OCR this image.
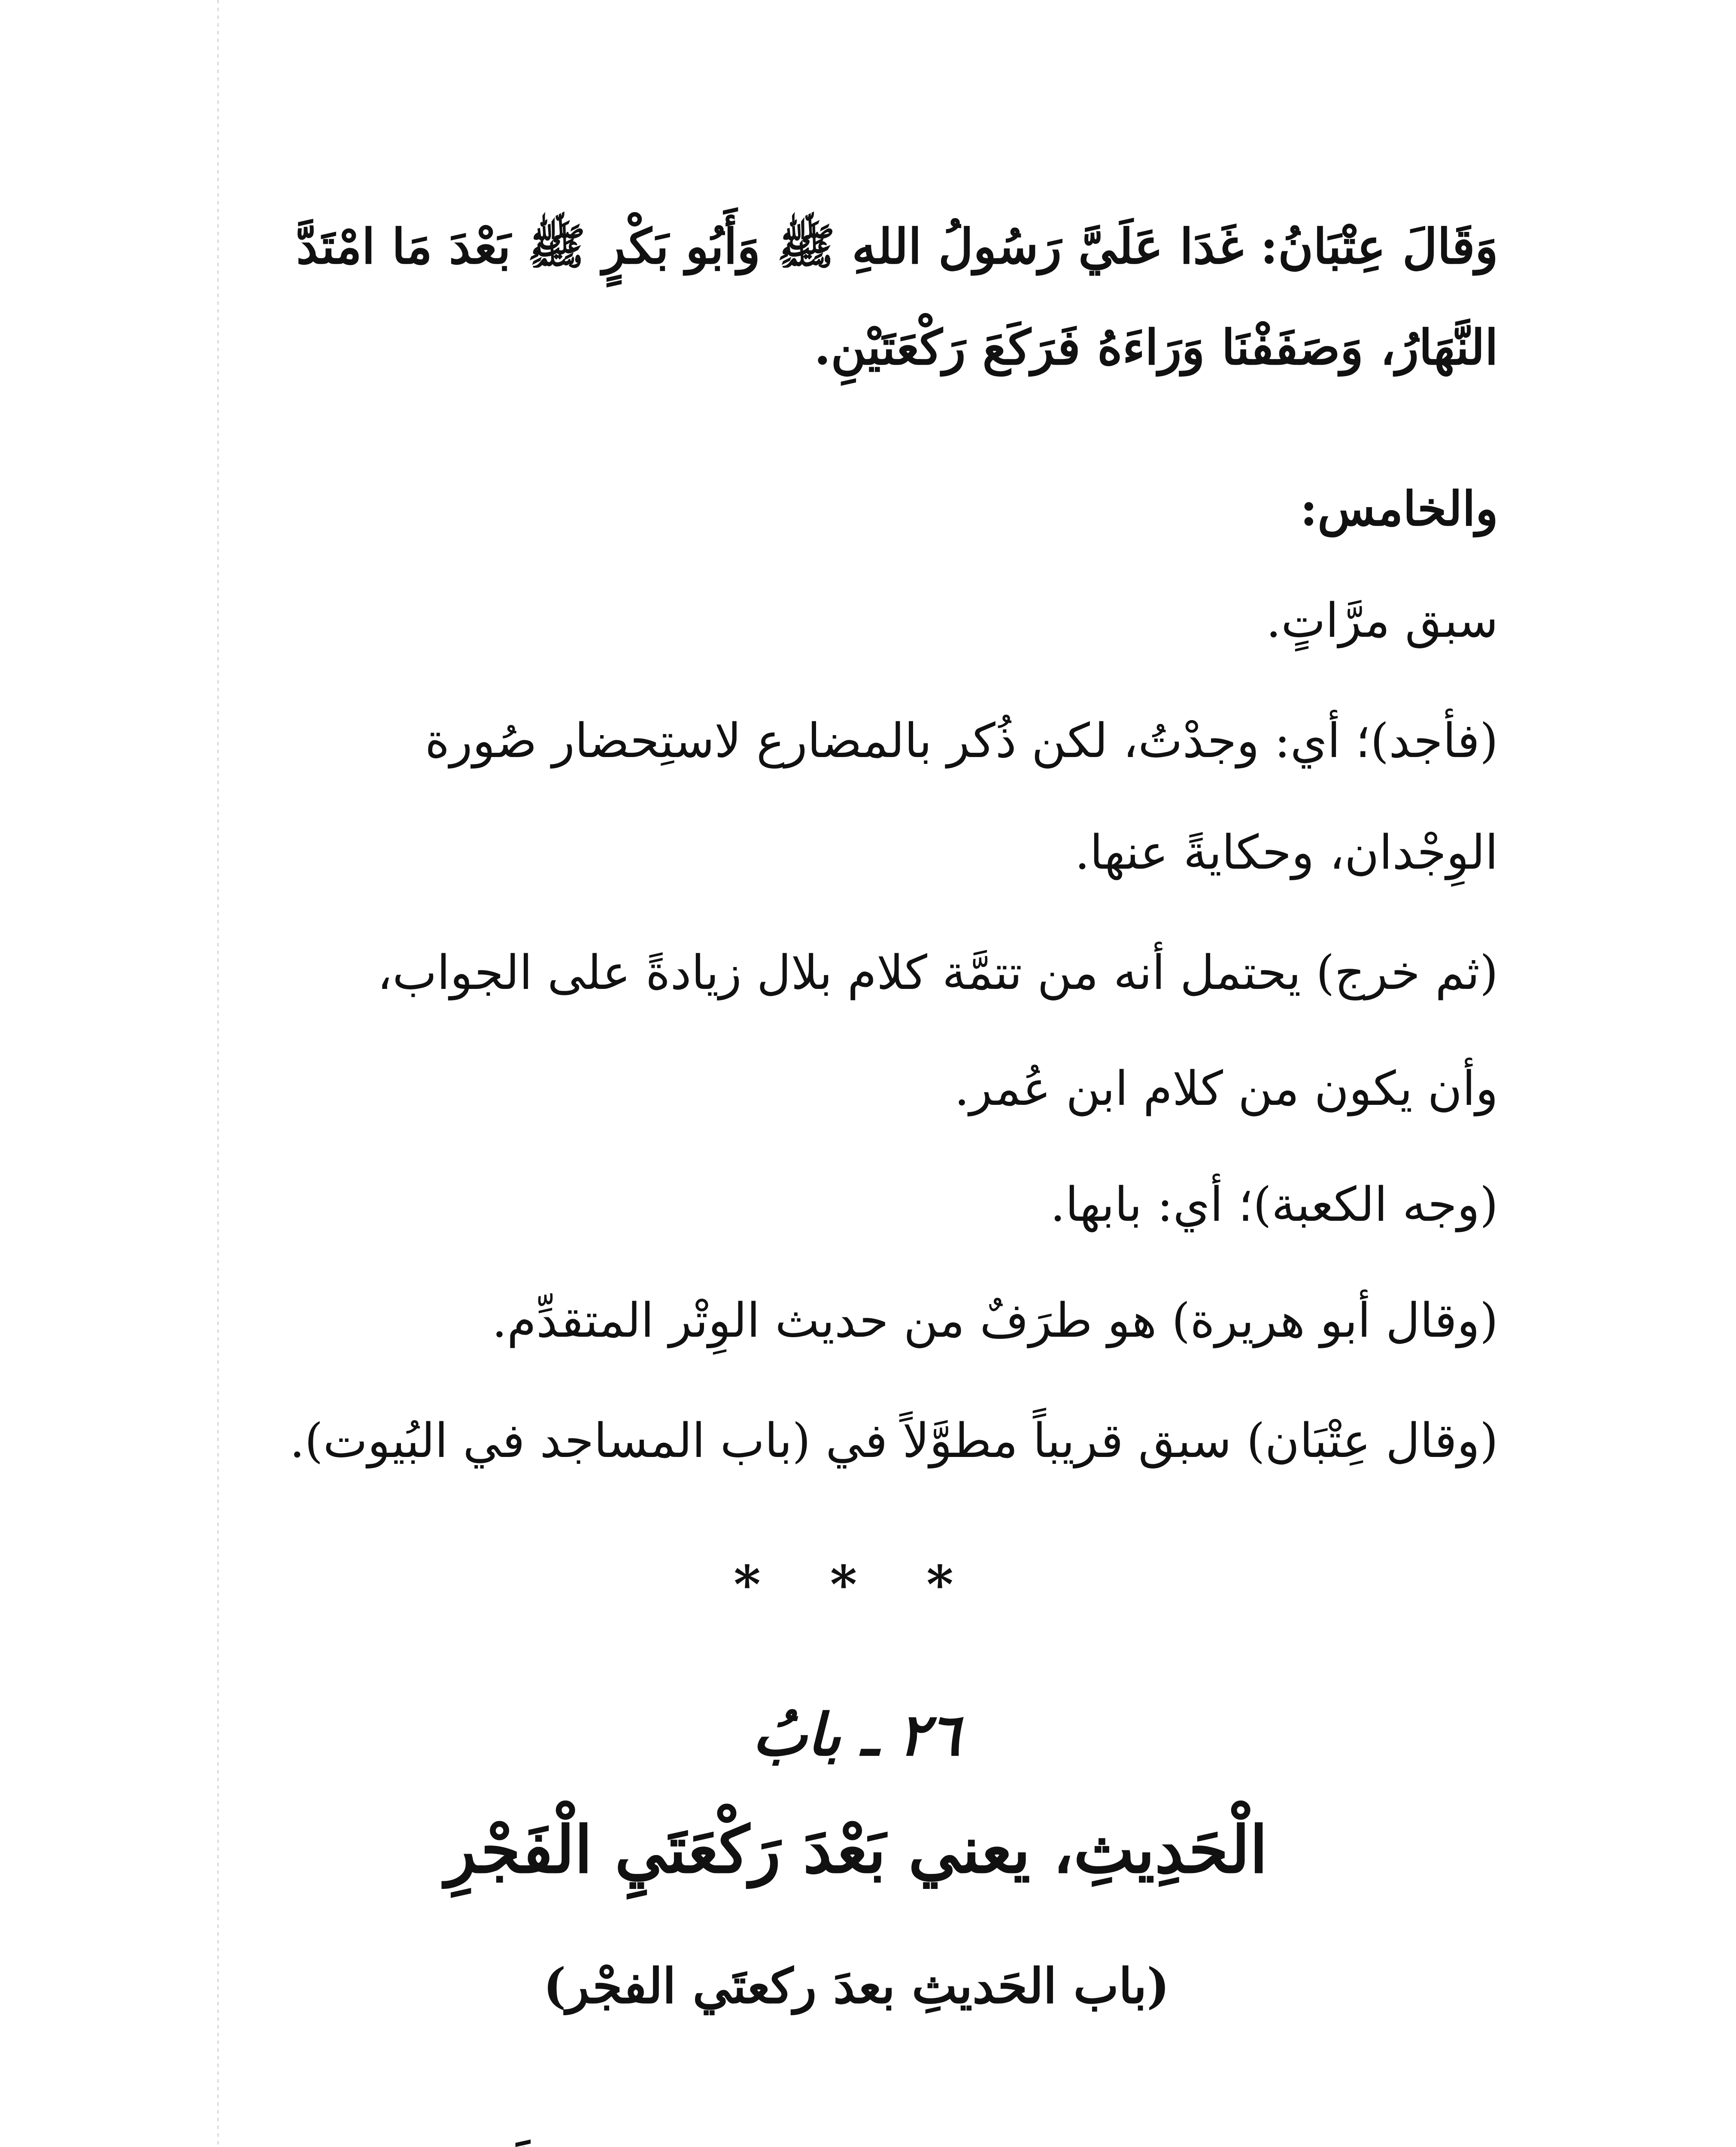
وَقَالَ عِتْبَانُ: غَدَا عَلَيَّ رَسُولُ اللهِ ﷺ وَأَبُو بَكْرٍ ﷺ بَعْدَ مَا امْتَدَّ
النَّهَارُ، وَصَفَفْنَا وَرَاءَهُ فَرَكَعَ رَكْعَتَيْنِ.
والخامس:
سبق مرَّاتٍ.
(فأجد)؛ أي: وجدْتُ، لكن ذُكر بالمضارع لاستِحضار صُورة
الوِجْدان، وحكايةً عنها.
(ثم خرج) يحتمل أنه من تتمَّة كلام بلال زيادةً على الجواب،
وأن يكون من كلام ابن عُمر.
(وجه الكعبة)؛ أي: بابها.
(وقال أبو هريرة) هو طرَفٌ من حديث الوِتْر المتقدِّم.
(وقال عِتْبَان) سبق قريباً مطوَّلاً في (باب المساجد في البُيوت).
* * *
٢٦ ـ بابُ
الْحَدِيثِ، يعني بَعْدَ رَكْعَتَيِ الْفَجْرِ
(باب الحَديثِ بعدَ ركعتَي الفجْر)
